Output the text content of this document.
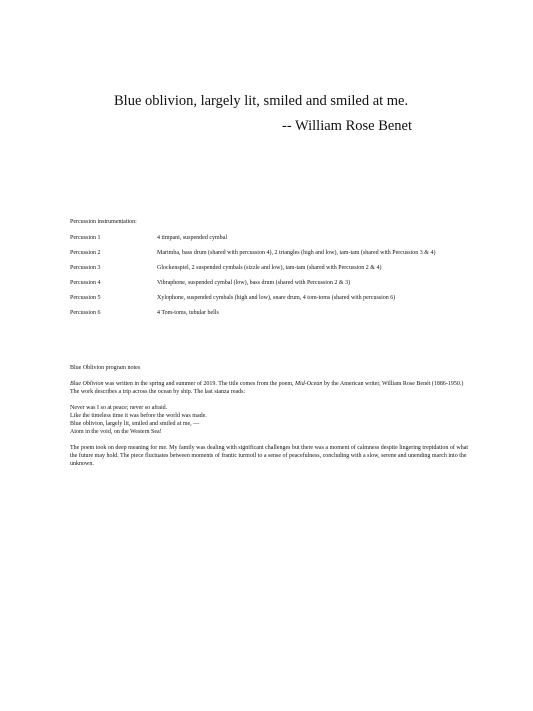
Blue oblivion, largely lit, smiled and smiled at me.
-- William Rose Benet
Percussion instrumentation:
Percussion 1	4 timpani, suspended cymbal
Percussion 2	Marimba, bass drum (shared with percussion 4), 2 triangles (high and low), tam-tam (shared with Percussion 3 & 4)
Percussion 3	Glockenspiel, 2 suspended cymbals (sizzle and low), tam-tam (shared with Percussion 2 & 4)
Percussion 4	Vibraphone, suspended cymbal (low), bass drum (shared with Percussion 2 & 3)
Percussion 5	Xylophone, suspended cymbals (high and low), snare drum, 4 tom-toms (shared with percussion 6)
Percussion 6	4 Tom-toms, tubular bells
Blue Oblivion program notes

Blue Oblivion was written in the spring and summer of 2019. The title comes from the poem, Mid-Ocean by the American writer, William Rose Benét (1886-1950.) The work describes a trip across the ocean by ship. The last stanza reads:

Never was I so at peace; never so afraid.
Like the timeless time it was before the world was made.
Blue oblivion, largely lit, smiled and smiled at me, —
Atom in the void, on the Western Sea!

The poem took on deep meaning for me. My family was dealing with significant challenges but there was a moment of calmness despite lingering trepidation of what the future may hold. The piece fluctuates between moments of frantic turmoil to a sense of peacefulness, concluding with a slow, serene and unending march into the unknown.
